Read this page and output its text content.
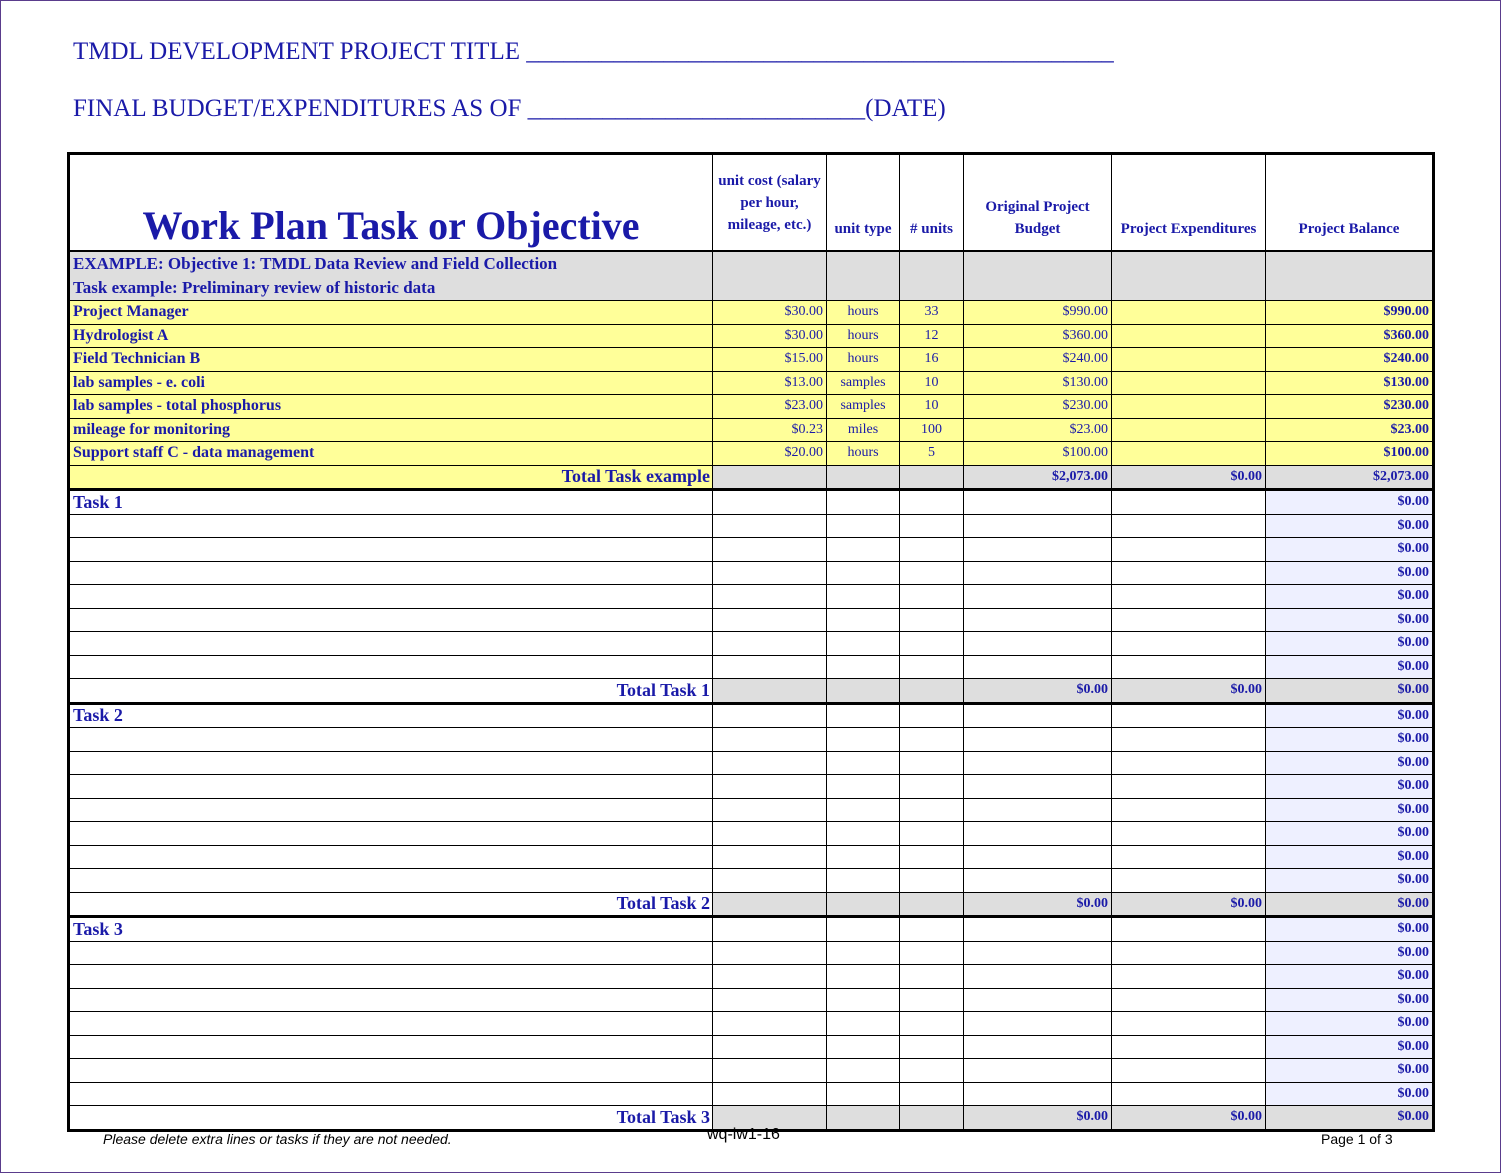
TMDL DEVELOPMENT PROJECT TITLE _______________________________________________
FINAL BUDGET/EXPENDITURES AS OF ___________________________(DATE)
Work Plan Task or Objective	unit cost (salary per hour, mileage, etc.)	unit type	# units	Original Project Budget	Project Expenditures	Project Balance

EXAMPLE: Objective 1: TMDL Data Review and Field Collection
Task example: Preliminary review of historic data						

Project Manager	$30.00	hours	33	$990.00		$990.00
Hydrologist A	$30.00	hours	12	$360.00		$360.00
Field Technician B	$15.00	hours	16	$240.00		$240.00
lab samples - e. coli	$13.00	samples	10	$130.00		$130.00
lab samples - total phosphorus	$23.00	samples	10	$230.00		$230.00
mileage for monitoring	$0.23	miles	100	$23.00		$23.00
Support staff C - data management	$20.00	hours	5	$100.00		$100.00
Total Task example				$2,073.00	$0.00	$2,073.00
Task 1						$0.00
						$0.00
						$0.00
						$0.00
						$0.00
						$0.00
						$0.00
						$0.00
Total Task 1				$0.00	$0.00	$0.00
Task 2						$0.00
						$0.00
						$0.00
						$0.00
						$0.00
						$0.00
						$0.00
						$0.00
Total Task 2				$0.00	$0.00	$0.00
Task 3						$0.00
						$0.00
						$0.00
						$0.00
						$0.00
						$0.00
						$0.00
						$0.00
Total Task 3				$0.00	$0.00	$0.00
Please delete extra lines or tasks if they are not needed.	wq-iw1-16	Page 1 of 3
